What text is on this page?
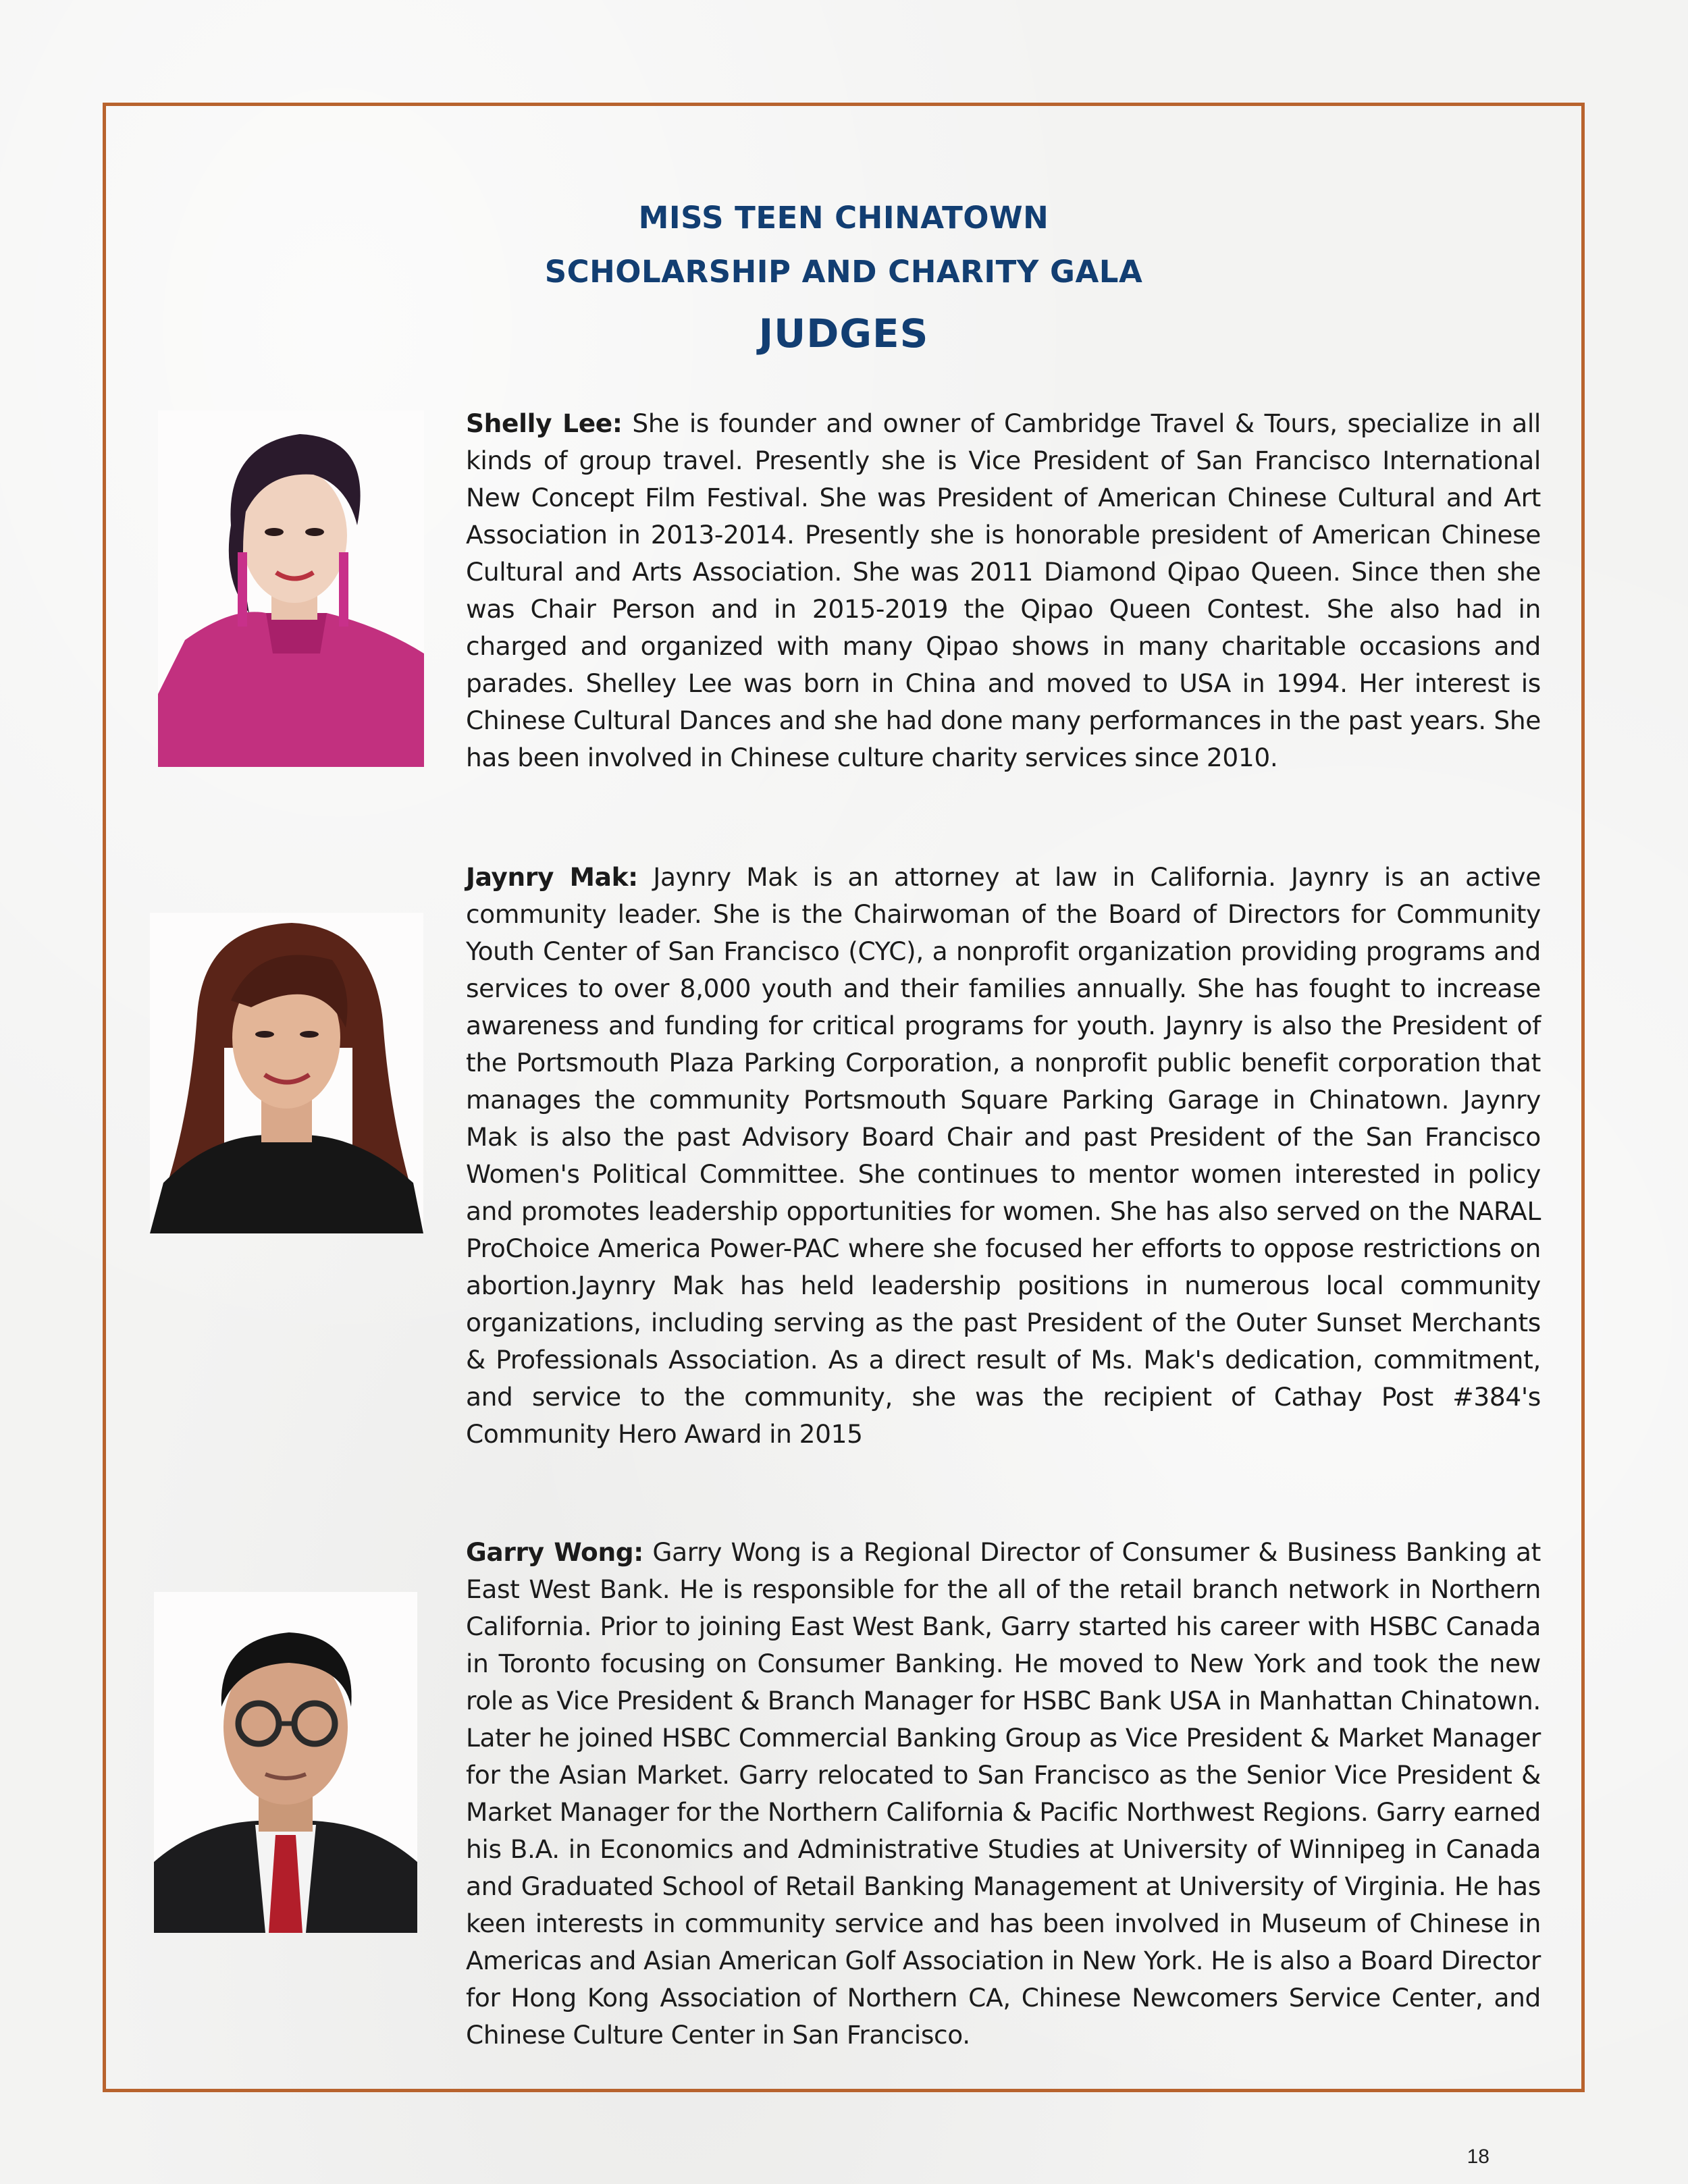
MISS TEEN CHINATOWN
SCHOLARSHIP AND CHARITY GALA
JUDGES

Shelly Lee: She is founder and owner of Cambridge Travel & Tours, specialize in all kinds of group travel. Presently she is Vice President of San Francisco International New Concept Film Festival. She was President of American Chinese Cultural and Art Association in 2013-2014. Presently she is honorable president of American Chinese Cultural and Arts Association. She was 2011 Diamond Qipao Queen. Since then she was Chair Person and in 2015-2019 the Qipao Queen Contest. She also had in charged and organized with many Qipao shows in many charitable occasions and parades. Shelley Lee was born in China and moved to USA in 1994. Her interest is Chinese Cultural Dances and she had done many performances in the past years. She has been involved in Chinese culture charity services since 2010.

Jaynry Mak: Jaynry Mak is an attorney at law in California. Jaynry is an active community leader. She is the Chairwoman of the Board of Directors for Community Youth Center of San Francisco (CYC), a nonprofit organization providing programs and services to over 8,000 youth and their families annually. She has fought to increase awareness and funding for critical programs for youth. Jaynry is also the President of the Portsmouth Plaza Parking Corporation, a nonprofit public benefit corporation that manages the community Portsmouth Square Parking Garage in Chinatown. Jaynry Mak is also the past Advisory Board Chair and past President of the San Francisco Women's Political Committee. She continues to mentor women interested in policy and promotes leadership opportunities for women. She has also served on the NARAL ProChoice America Power-PAC where she focused her efforts to oppose restrictions on abortion.Jaynry Mak has held leadership positions in numerous local community organizations, including serving as the past President of the Outer Sunset Merchants & Professionals Association. As a direct result of Ms. Mak's dedication, commitment, and service to the community, she was the recipient of Cathay Post #384's Community Hero Award in 2015

Garry Wong: Garry Wong is a Regional Director of Consumer & Business Banking at East West Bank. He is responsible for the all of the retail branch network in Northern California. Prior to joining East West Bank, Garry started his career with HSBC Canada in Toronto focusing on Consumer Banking. He moved to New York and took the new role as Vice President & Branch Manager for HSBC Bank USA in Manhattan Chinatown. Later he joined HSBC Commercial Banking Group as Vice President & Market Manager for the Asian Market. Garry relocated to San Francisco as the Senior Vice President & Market Manager for the Northern California & Pacific Northwest Regions. Garry earned his B.A. in Economics and Administrative Studies at University of Winnipeg in Canada and Graduated School of Retail Banking Management at University of Virginia. He has keen interests in community service and has been involved in Museum of Chinese in Americas and Asian American Golf Association in New York. He is also a Board Director for Hong Kong Association of Northern CA, Chinese Newcomers Service Center, and Chinese Culture Center in San Francisco.

18
